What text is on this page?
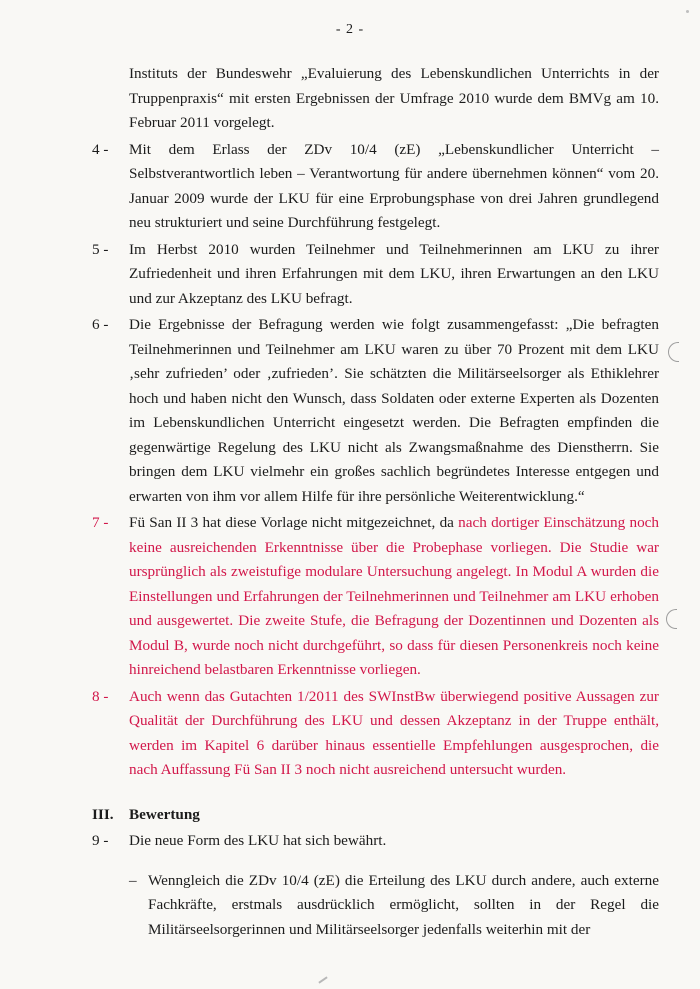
- 2 -

Instituts der Bundeswehr „Evaluierung des Lebenskundlichen Unterrichts in der Truppenpraxis“ mit ersten Ergebnissen der Umfrage 2010 wurde dem BMVg am 10. Februar 2011 vorgelegt.

4 - Mit dem Erlass der ZDv 10/4 (zE) „Lebenskundlicher Unterricht – Selbstverantwortlich leben – Verantwortung für andere übernehmen können“ vom 20. Januar 2009 wurde der LKU für eine Erprobungsphase von drei Jahren grundlegend neu strukturiert und seine Durchführung festgelegt.

5 - Im Herbst 2010 wurden Teilnehmer und Teilnehmerinnen am LKU zu ihrer Zufriedenheit und ihren Erfahrungen mit dem LKU, ihren Erwartungen an den LKU und zur Akzeptanz des LKU befragt.

6 - Die Ergebnisse der Befragung werden wie folgt zusammengefasst: „Die befragten Teilnehmerinnen und Teilnehmer am LKU waren zu über 70 Prozent mit dem LKU ‚sehr zufrieden’ oder ‚zufrieden’. Sie schätzten die Militärseelsorger als Ethiklehrer hoch und haben nicht den Wunsch, dass Soldaten oder externe Experten als Dozenten im Lebenskundlichen Unterricht eingesetzt werden. Die Befragten empfinden die gegenwärtige Regelung des LKU nicht als Zwangsmaßnahme des Dienstherrn. Sie bringen dem LKU vielmehr ein großes sachlich begründetes Interesse entgegen und erwarten von ihm vor allem Hilfe für ihre persönliche Weiterentwicklung.“

7 - Fü San II 3 hat diese Vorlage nicht mitgezeichnet, da nach dortiger Einschätzung noch keine ausreichenden Erkenntnisse über die Probephase vorliegen. Die Studie war ursprünglich als zweistufige modulare Untersuchung angelegt. In Modul A wurden die Einstellungen und Erfahrungen der Teilnehmerinnen und Teilnehmer am LKU erhoben und ausgewertet. Die zweite Stufe, die Befragung der Dozentinnen und Dozenten als Modul B, wurde noch nicht durchgeführt, so dass für diesen Personenkreis noch keine hinreichend belastbaren Erkenntnisse vorliegen.

8 - Auch wenn das Gutachten 1/2011 des SWInstBw überwiegend positive Aussagen zur Qualität der Durchführung des LKU und dessen Akzeptanz in der Truppe enthält, werden im Kapitel 6 darüber hinaus essentielle Empfehlungen ausgesprochen, die nach Auffassung Fü San II 3 noch nicht ausreichend untersucht wurden.

III. Bewertung

9 - Die neue Form des LKU hat sich bewährt.

– Wenngleich die ZDv 10/4 (zE) die Erteilung des LKU durch andere, auch externe Fachkräfte, erstmals ausdrücklich ermöglicht, sollten in der Regel die Militärseelsorgerinnen und Militärseelsorger jedenfalls weiterhin mit der
